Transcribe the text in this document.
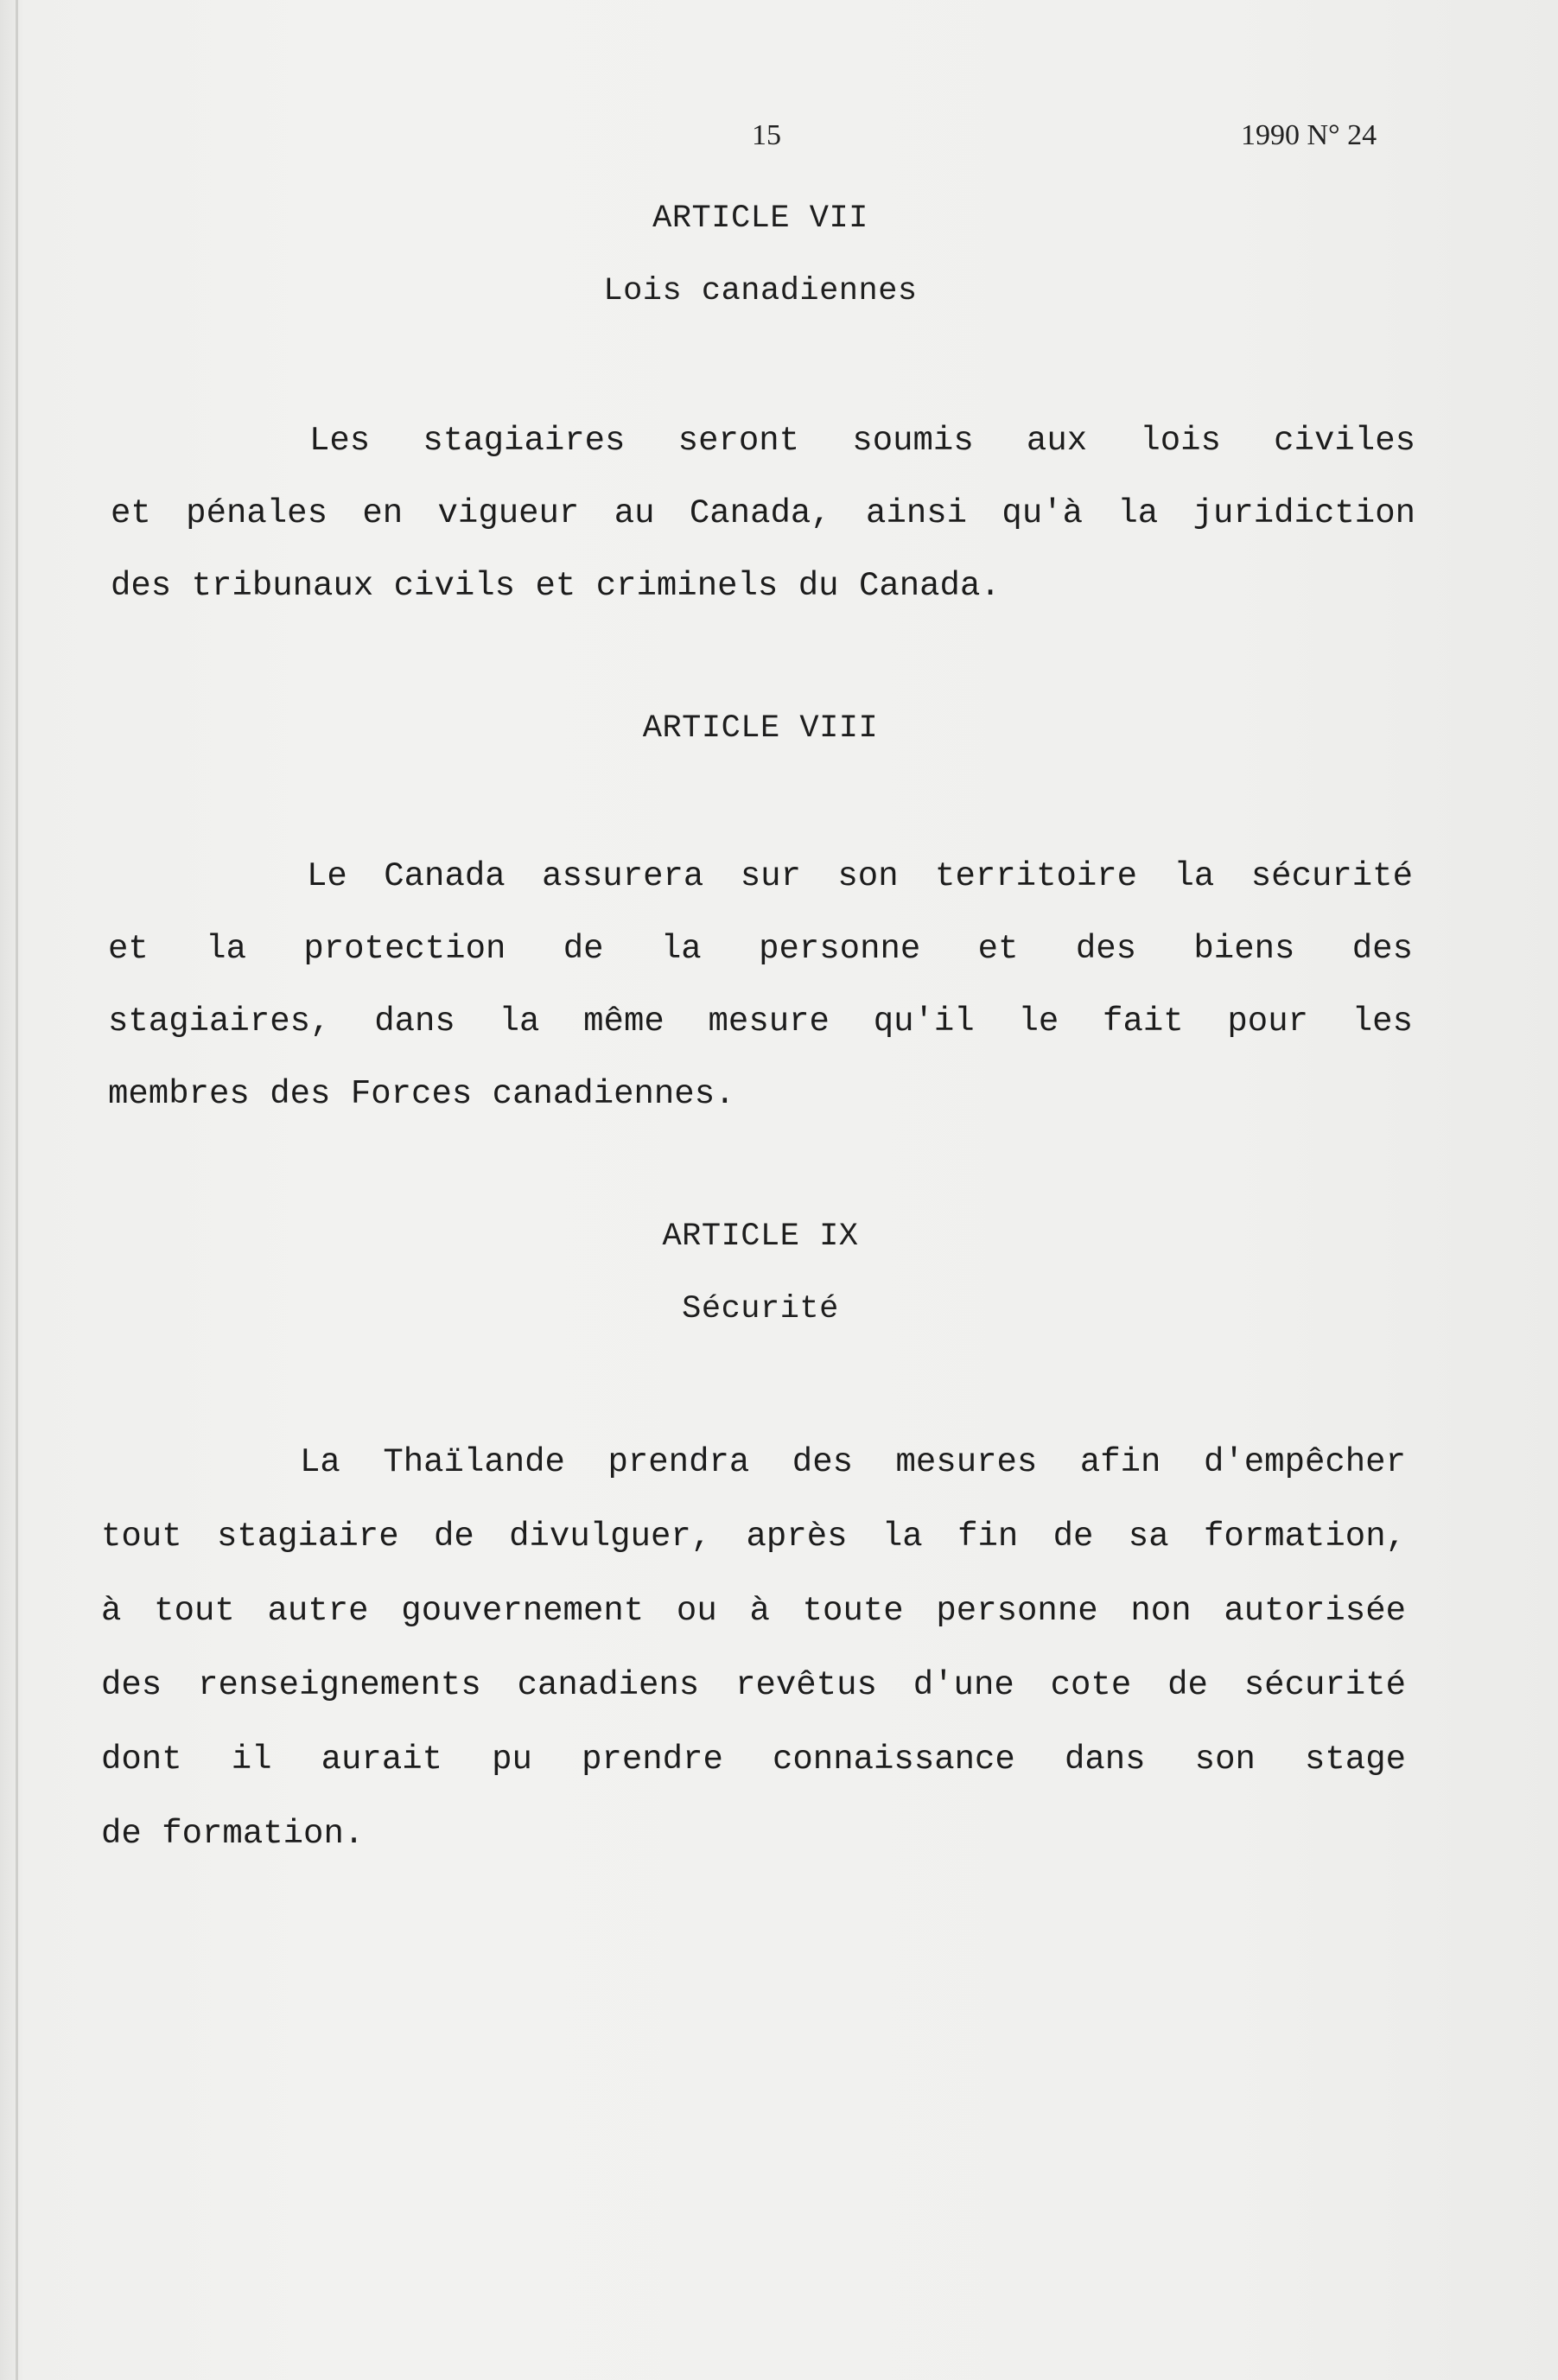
15	1990 N° 24
ARTICLE VII
Lois canadiennes
Les stagiaires seront soumis aux lois civiles
et pénales en vigueur au Canada, ainsi qu'à la juridiction
des tribunaux civils et criminels du Canada.
ARTICLE VIII
Le Canada assurera sur son territoire la sécurité
et la protection de la personne et des biens des
stagiaires, dans la même mesure qu'il le fait pour les
membres des Forces canadiennes.
ARTICLE IX
Sécurité
La Thaïlande prendra des mesures afin d'empêcher
tout stagiaire de divulguer, après la fin de sa formation,
à tout autre gouvernement ou à toute personne non autorisée
des renseignements canadiens revêtus d'une cote de sécurité
dont il aurait pu prendre connaissance dans son stage
de formation.
